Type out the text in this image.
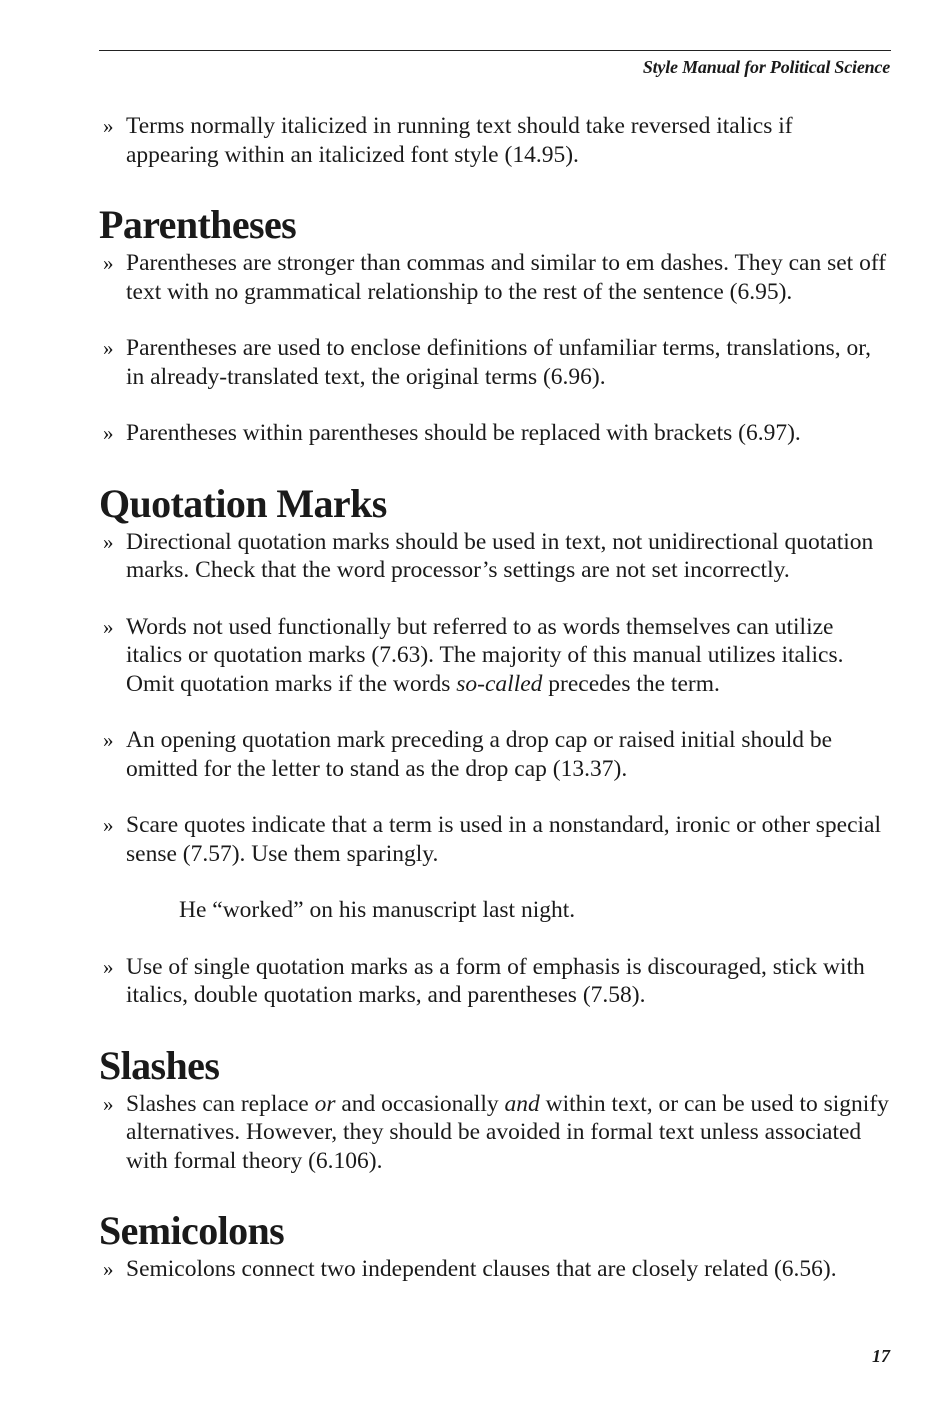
Style Manual for Political Science
» Terms normally italicized in running text should take reversed italics if appearing within an italicized font style (14.95).
Parentheses
» Parentheses are stronger than commas and similar to em dashes. They can set off text with no grammatical relationship to the rest of the sentence (6.95).
» Parentheses are used to enclose definitions of unfamiliar terms, translations, or, in already-translated text, the original terms (6.96).
» Parentheses within parentheses should be replaced with brackets (6.97).
Quotation Marks
» Directional quotation marks should be used in text, not unidirectional quotation marks. Check that the word processor’s settings are not set incorrectly.
» Words not used functionally but referred to as words themselves can utilize italics or quotation marks (7.63). The majority of this manual utilizes italics. Omit quotation marks if the words so-called precedes the term.
» An opening quotation mark preceding a drop cap or raised initial should be omitted for the letter to stand as the drop cap (13.37).
» Scare quotes indicate that a term is used in a nonstandard, ironic or other special sense (7.57). Use them sparingly.
He “worked” on his manuscript last night.
» Use of single quotation marks as a form of emphasis is discouraged, stick with italics, double quotation marks, and parentheses (7.58).
Slashes
» Slashes can replace or and occasionally and within text, or can be used to signify alternatives. However, they should be avoided in formal text unless associated with formal theory (6.106).
Semicolons
» Semicolons connect two independent clauses that are closely related (6.56).
17
